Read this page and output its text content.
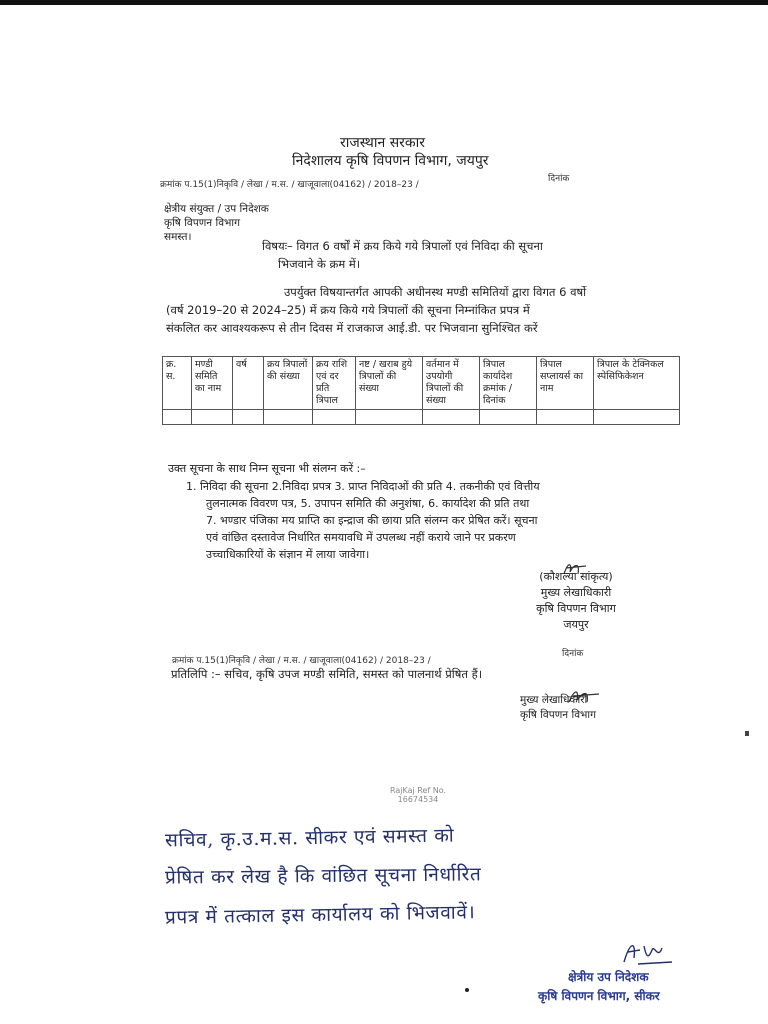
राजस्थान सरकार
निदेशालय कृषि विपणन विभाग, जयपुर
क्रमांक प.15(1)निकृवि / लेखा / म.स. / खाजूवाला(04162) / 2018–23 /
दिनांक
क्षेत्रीय संयुक्त / उप निदेशक
कृषि विपणन विभाग
समस्त।
विषयः– विगत 6 वर्षों में क्रय किये गये त्रिपालों एवं निविदा की सूचना
भिजवाने के क्रम में।
उपर्युक्त विषयान्तर्गत आपकी अधीनस्थ मण्डी समितियों द्वारा विगत 6 वर्षो
(वर्ष 2019–20 से 2024–25) में क्रय किये गये त्रिपालों की सूचना निम्नांकित प्रपत्र में
संकलित कर आवश्यकरूप से तीन दिवस में राजकाज आई.डी. पर भिजवाना सुनिश्चित करें
क्र. स.	मण्डी समिति का नाम	वर्ष	क्रय त्रिपालों की संख्या	क्रय राशि एवं दर प्रति त्रिपाल	नष्ट / खराब हुये त्रिपालों की संख्या	वर्तमान में उपयोगी त्रिपालों की संख्या	त्रिपाल कार्यादेश क्रमांक / दिनांक	त्रिपाल सप्लायर्स का नाम	त्रिपाल के टेक्निकल स्पेसिफिकेशन

उक्त सूचना के साथ निम्न सूचना भी संलग्न करें :–
1. निविदा की सूचना 2.निविदा प्रपत्र 3. प्राप्त निविदाओं की प्रति 4. तकनीकी एवं वित्तीय
तुलनात्मक विवरण पत्र, 5. उपापन समिति की अनुशंषा, 6. कार्यादेश की प्रति तथा
7. भण्डार पंजिका मय प्राप्ति का इन्द्राज की छाया प्रति संलग्न कर प्रेषित करें। सूचना
एवं वांछित दस्तावेज निर्धारित समयावधि में उपलब्ध नहीं कराये जाने पर प्रकरण
उच्चाधिकारियों के संज्ञान में लाया जावेगा।
(कौशल्या सांकृत्य)
मुख्य लेखाधिकारी
कृषि विपणन विभाग
जयपुर
क्रमांक प.15(1)निकृवि / लेखा / म.स. / खाजूवाला(04162) / 2018–23 /
दिनांक
प्रतिलिपि :– सचिव, कृषि उपज मण्डी समिति, समस्त को पालनार्थ प्रेषित हैं।
मुख्य लेखाधिकारी
कृषि विपणन विभाग
RajKaj Ref No.
16674534
सचिव, कृ.उ.म.स. सीकर एवं समस्त को
प्रेषित कर लेख है कि वांछित सूचना निर्धारित
प्रपत्र में तत्काल इस कार्यालय को भिजवावें।
क्षेत्रीय उप निदेशक
कृषि विपणन विभाग, सीकर
